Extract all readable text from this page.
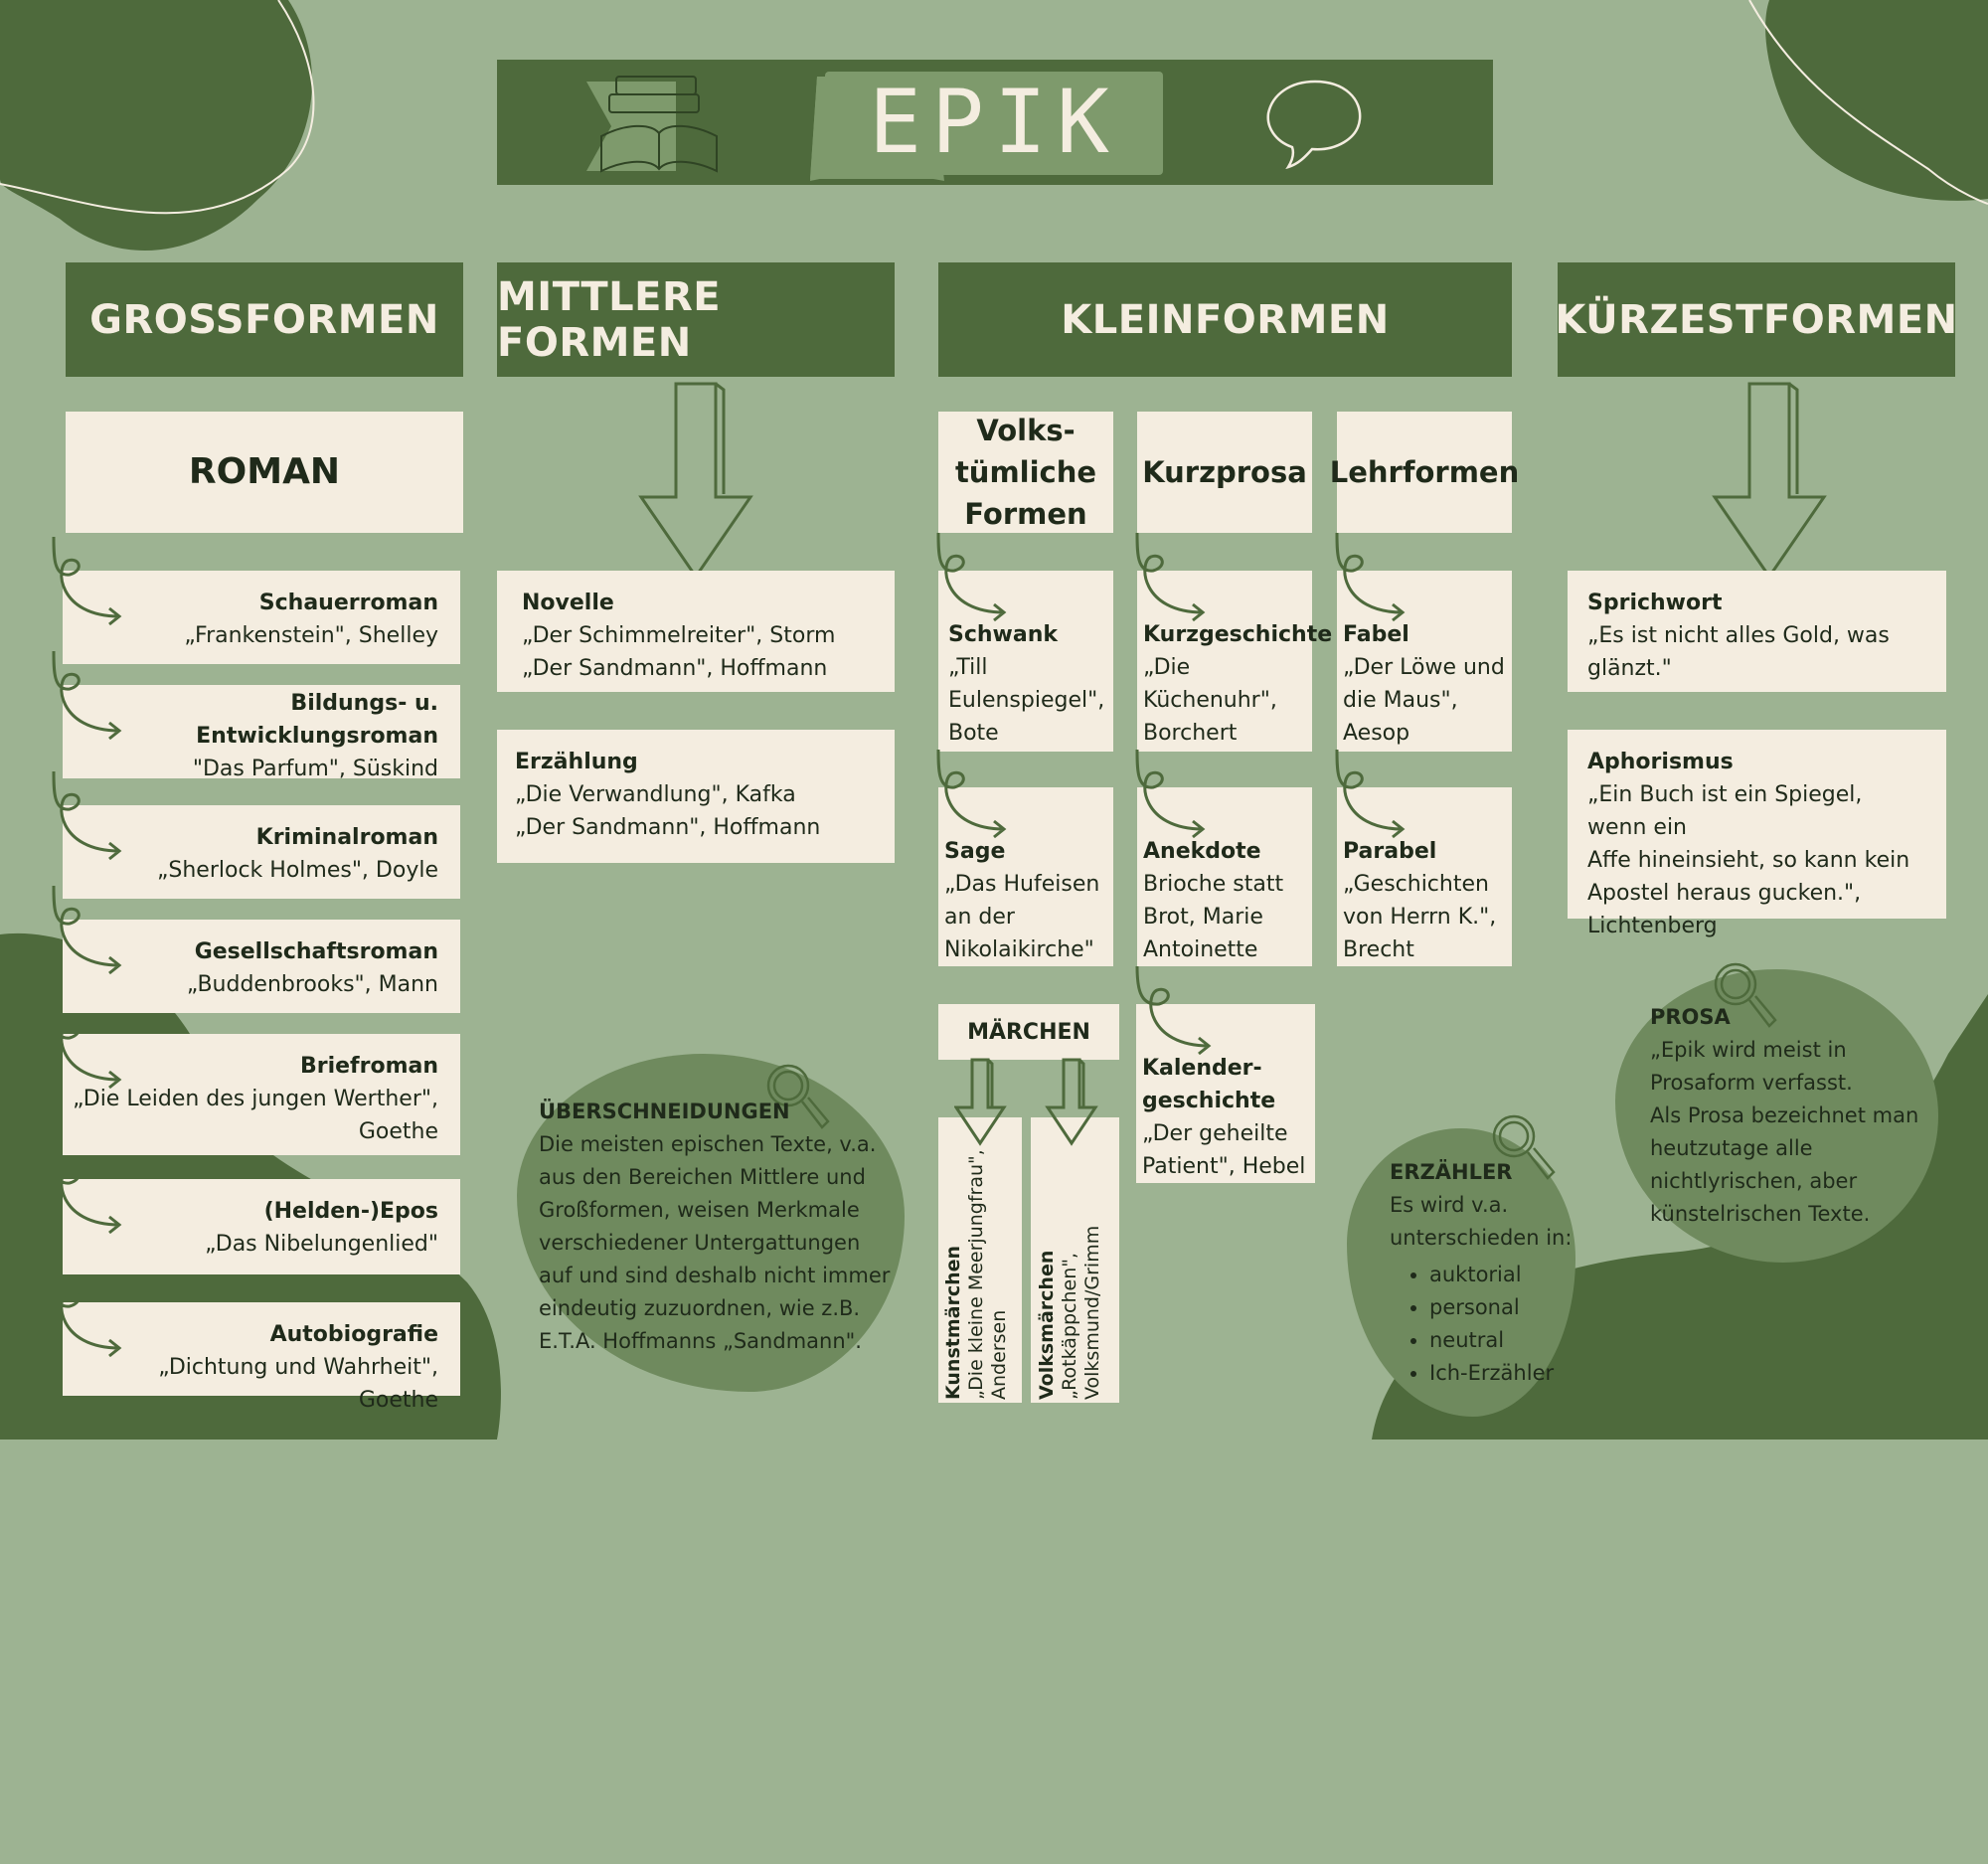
EPIK
GROSSFORMEN	MITTLERE FORMEN	KLEINFORMEN	KÜRZESTFORMEN
ROMAN
Schauerroman
„Frankenstein", Shelley
Bildungs- u.
Entwicklungsroman
"Das Parfum", Süskind
Kriminalroman
„Sherlock Holmes", Doyle
Gesellschaftsroman
„Buddenbrooks", Mann
Briefroman
„Die Leiden des jungen Werther",
Goethe
(Helden-)Epos
„Das Nibelungenlied"
Autobiografie
„Dichtung und Wahrheit", Goethe
Novelle
„Der Schimmelreiter", Storm
„Der Sandmann", Hoffmann
Erzählung
„Die Verwandlung", Kafka
„Der Sandmann", Hoffmann
Volks-
tümliche
Formen
Kurzprosa Lehrformen
Schwank
„Till
Eulenspiegel",
Bote
Sage
„Das Hufeisen
an der
Nikolaikirche"
Kurzgeschichte
„Die
Küchenuhr",
Borchert
Anekdote
Brioche statt
Brot, Marie
Antoinette
Kalender-
geschichte
„Der geheilte
Patient", Hebel
Fabel
„Der Löwe und
die Maus",
Aesop
Parabel
„Geschichten
von Herrn K.",
Brecht
MÄRCHEN
Kunstmärchen „Die kleine Meerjungfrau", Andersen Volksmärchen „Rotkäppchen", Volksmund/Grimm
Sprichwort
„Es ist nicht alles Gold, was
glänzt."
Aphorismus
„Ein Buch ist ein Spiegel, wenn ein
Affe hineinsieht, so kann kein
Apostel heraus gucken.",
Lichtenberg
ÜBERSCHNEIDUNGEN
Die meisten epischen Texte, v.a.
aus den Bereichen Mittlere und
Großformen, weisen Merkmale
verschiedener Untergattungen
auf und sind deshalb nicht immer
eindeutig zuzuordnen, wie z.B.
E.T.A. Hoffmanns „Sandmann".
ERZÄHLER
Es wird v.a.
unterschieden in:
• auktorial
• personal
• neutral
• Ich-Erzähler
PROSA
„Epik wird meist in
Prosaform verfasst.
Als Prosa bezeichnet man
heutzutage alle
nichtlyrischen, aber
künstelrischen Texte.
